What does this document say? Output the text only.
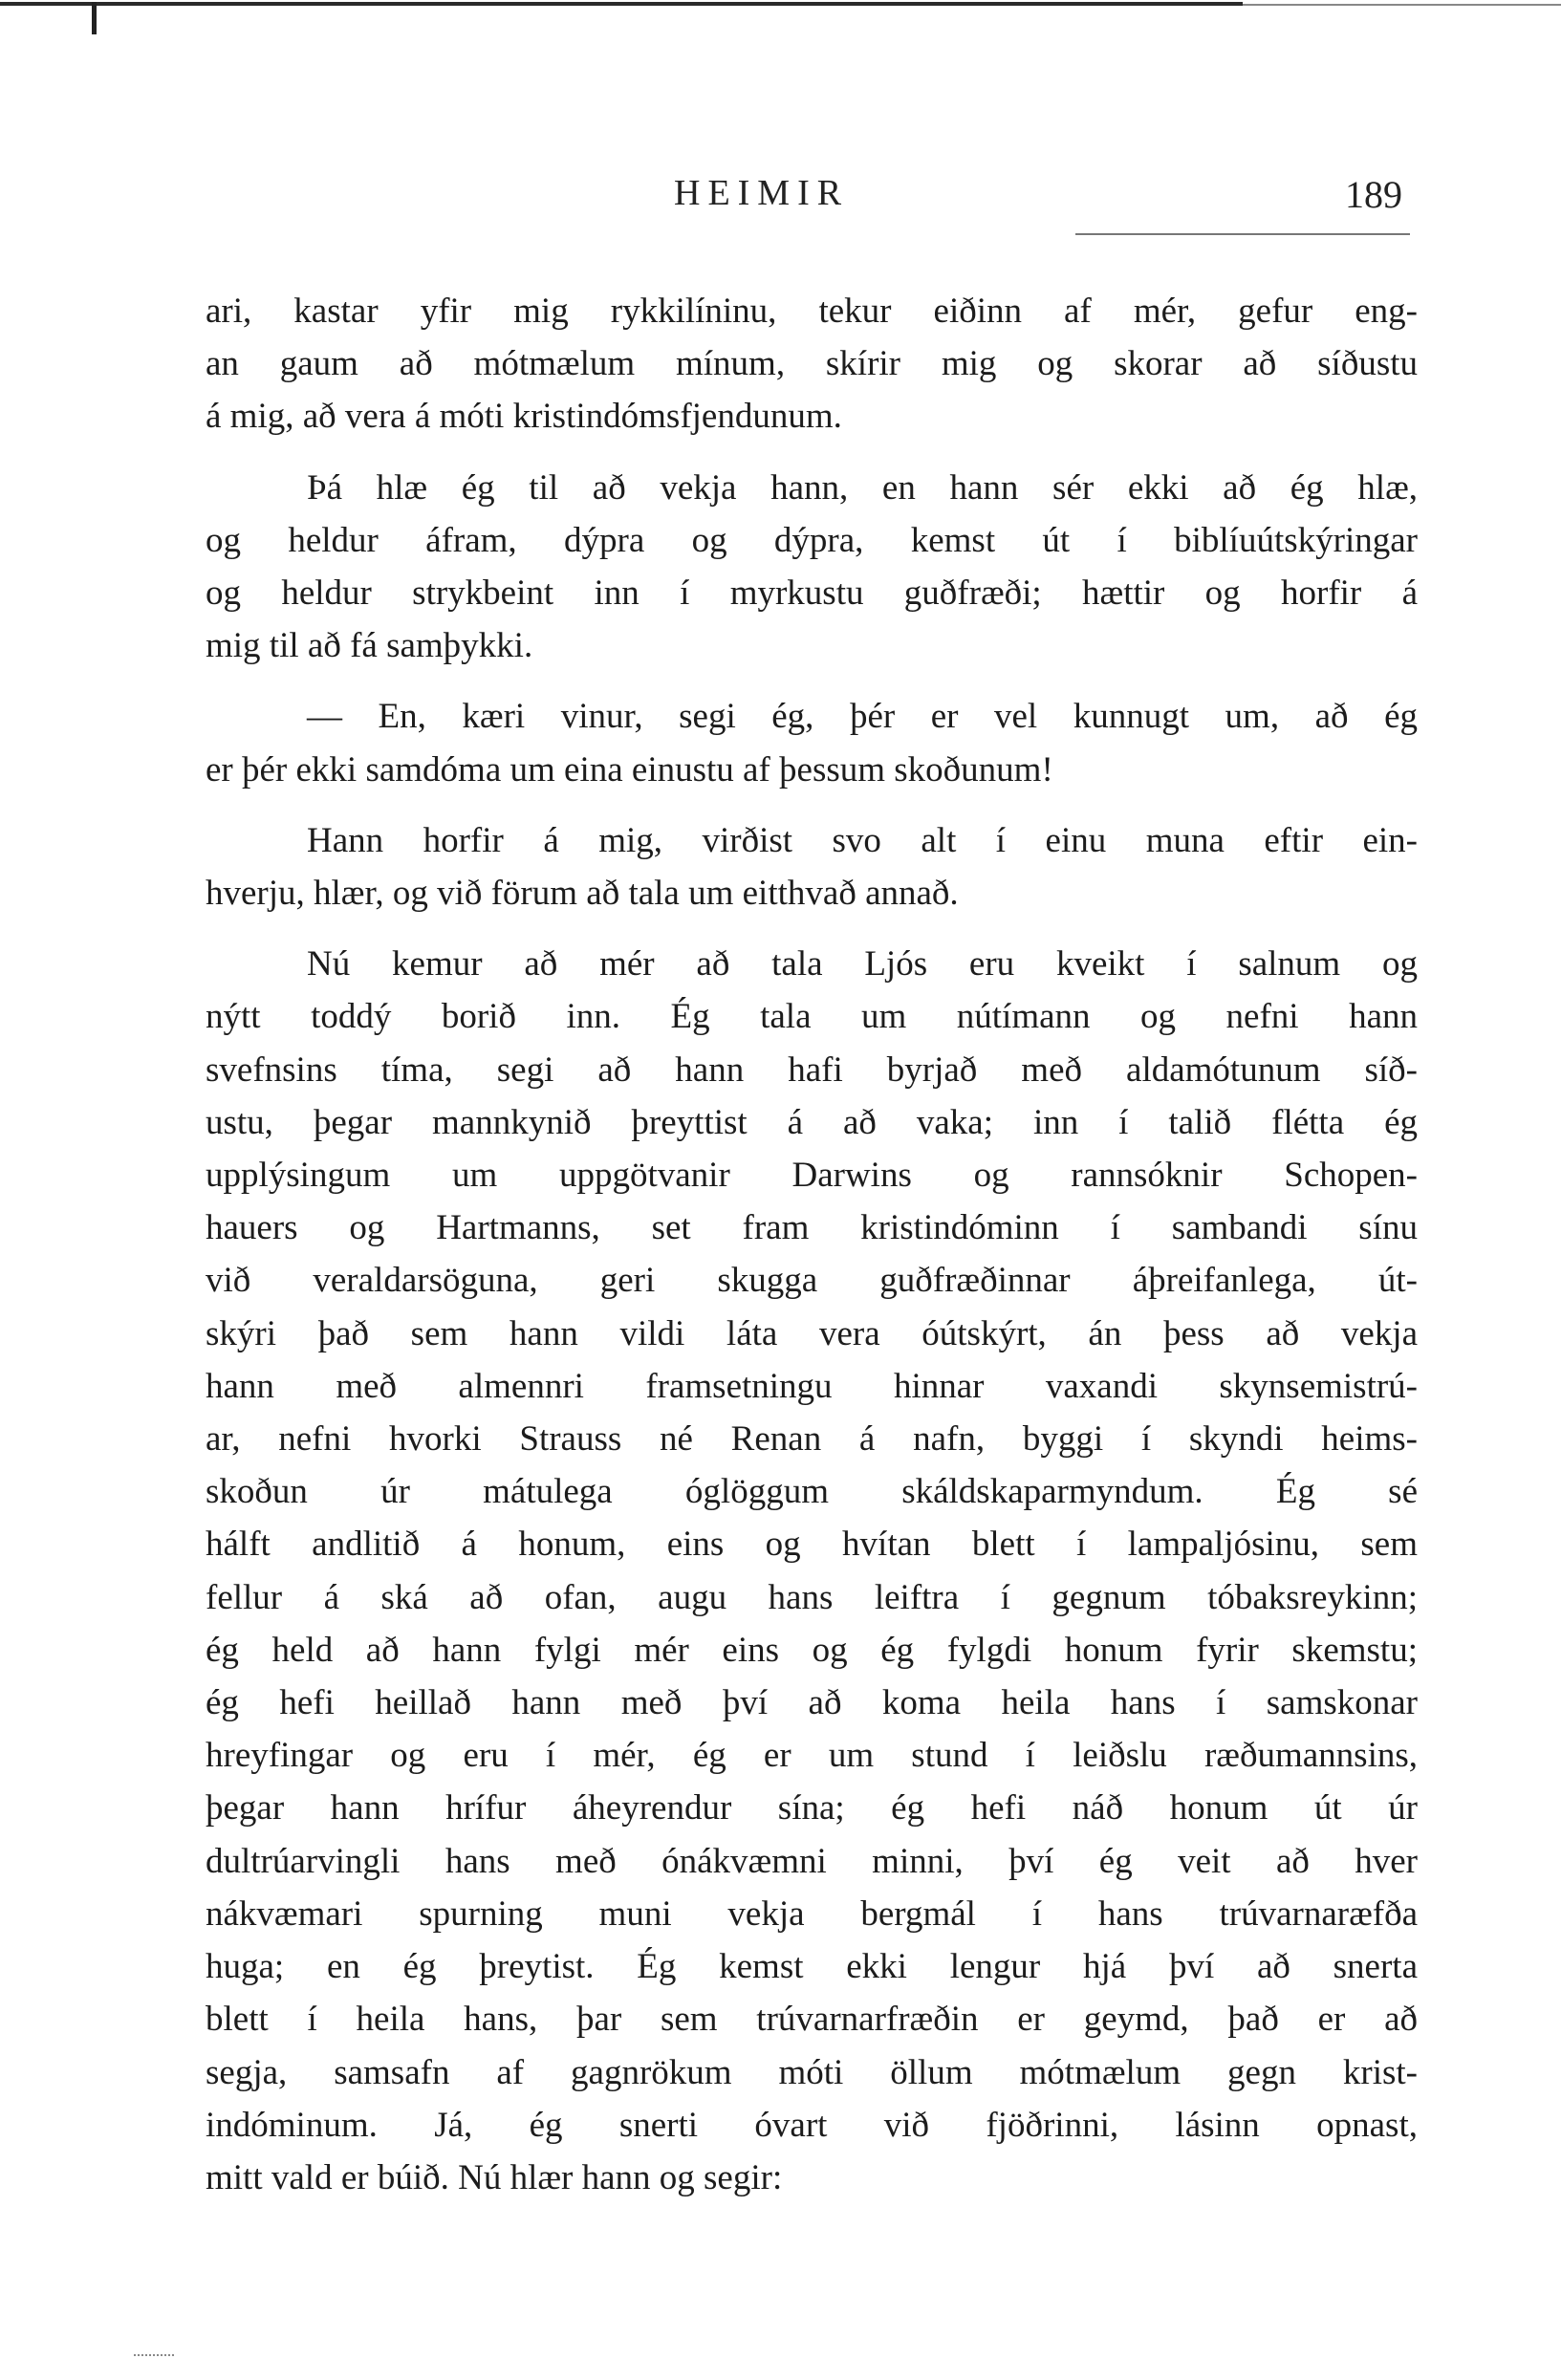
HEIMIR	189
ari, kastar yfir mig rykkilíninu, tekur eiðinn af mér, gefur eng-
an gaum að mótmælum mínum, skírir mig og skorar að síðustu
á mig, að vera á móti kristindómsfjendunum.
Þá hlæ ég til að vekja hann, en hann sér ekki að ég hlæ,
og heldur áfram, dýpra og dýpra, kemst út í biblíuútskýringar
og heldur strykbeint inn í myrkustu guðfræði; hættir og horfir á
mig til að fá samþykki.
— En, kæri vinur, segi ég, þér er vel kunnugt um, að ég
er þér ekki samdóma um eina einustu af þessum skoðunum!
Hann horfir á mig, virðist svo alt í einu muna eftir ein-
hverju, hlær, og við förum að tala um eitthvað annað.
Nú kemur að mér að tala Ljós eru kveikt í salnum og
nýtt toddý borið inn. Ég tala um nútímann og nefni hann
svefnsins tíma, segi að hann hafi byrjað með aldamótunum síð-
ustu, þegar mannkynið þreyttist á að vaka; inn í talið flétta ég
upplýsingum um uppgötvanir Darwins og rannsóknir Schopen-
hauers og Hartmanns, set fram kristindóminn í sambandi sínu
við veraldarsöguna, geri skugga guðfræðinnar áþreifanlega, út-
skýri það sem hann vildi láta vera óútskýrt, án þess að vekja
hann með almennri framsetningu hinnar vaxandi skynsemistrú-
ar, nefni hvorki Strauss né Renan á nafn, byggi í skyndi heims-
skoðun úr mátulega óglöggum skáldskaparmyndum. Ég sé
hálft andlitið á honum, eins og hvítan blett í lampaljósinu, sem
fellur á ská að ofan, augu hans leiftra í gegnum tóbaksreykinn;
ég held að hann fylgi mér eins og ég fylgdi honum fyrir skemstu;
ég hefi heillað hann með því að koma heila hans í samskonar
hreyfingar og eru í mér, ég er um stund í leiðslu ræðumannsins,
þegar hann hrífur áheyrendur sína; ég hefi náð honum út úr
dultrúarvingli hans með ónákvæmni minni, því ég veit að hver
nákvæmari spurning muni vekja bergmál í hans trúvarnaræfða
huga; en ég þreytist. Ég kemst ekki lengur hjá því að snerta
blett í heila hans, þar sem trúvarnarfræðin er geymd, það er að
segja, samsafn af gagnrökum móti öllum mótmælum gegn krist-
indóminum. Já, ég snerti óvart við fjöðrinni, lásinn opnast,
mitt vald er búið. Nú hlær hann og segir:
